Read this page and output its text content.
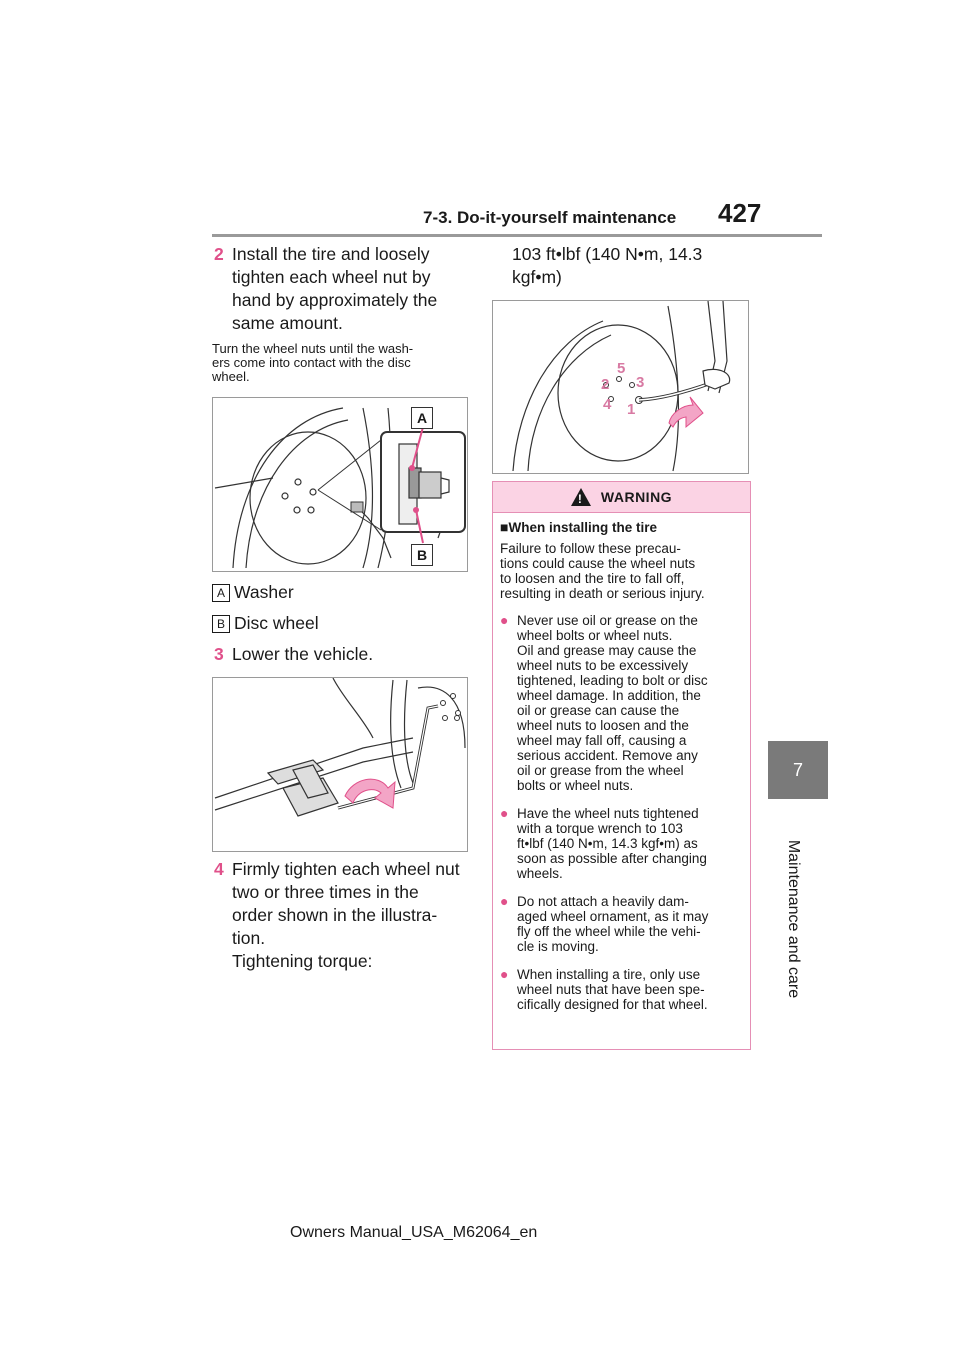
7-3. Do-it-yourself maintenance 427
7
Maintenance and care
2 Install the tire and loosely
tighten each wheel nut by
hand by approximately the
same amount.
Turn the wheel nuts until the wash-
ers come into contact with the disc
wheel.
A
B
A Washer
B Disc wheel
3 Lower the vehicle.
4 Firmly tighten each wheel nut
two or three times in the
order shown in the illustra-
tion.
Tightening torque:
103 ft•lbf (140 N•m, 14.3
kgf•m)
1
2 3
4
5
!
WARNING
■When installing the tire
Failure to follow these precau-
tions could cause the wheel nuts
to loosen and the tire to fall off,
resulting in death or serious injury.
● Never use oil or grease on the
wheel bolts or wheel nuts.
Oil and grease may cause the
wheel nuts to be excessively
tightened, leading to bolt or disc
wheel damage. In addition, the
oil or grease can cause the
wheel nuts to loosen and the
wheel may fall off, causing a
serious accident. Remove any
oil or grease from the wheel
bolts or wheel nuts.
● Have the wheel nuts tightened
with a torque wrench to 103
ft•lbf (140 N•m, 14.3 kgf•m) as
soon as possible after changing
wheels.
● Do not attach a heavily dam-
aged wheel ornament, as it may
fly off the wheel while the vehi-
cle is moving.
● When installing a tire, only use
wheel nuts that have been spe-
cifically designed for that wheel.
Owners Manual_USA_M62064_en
